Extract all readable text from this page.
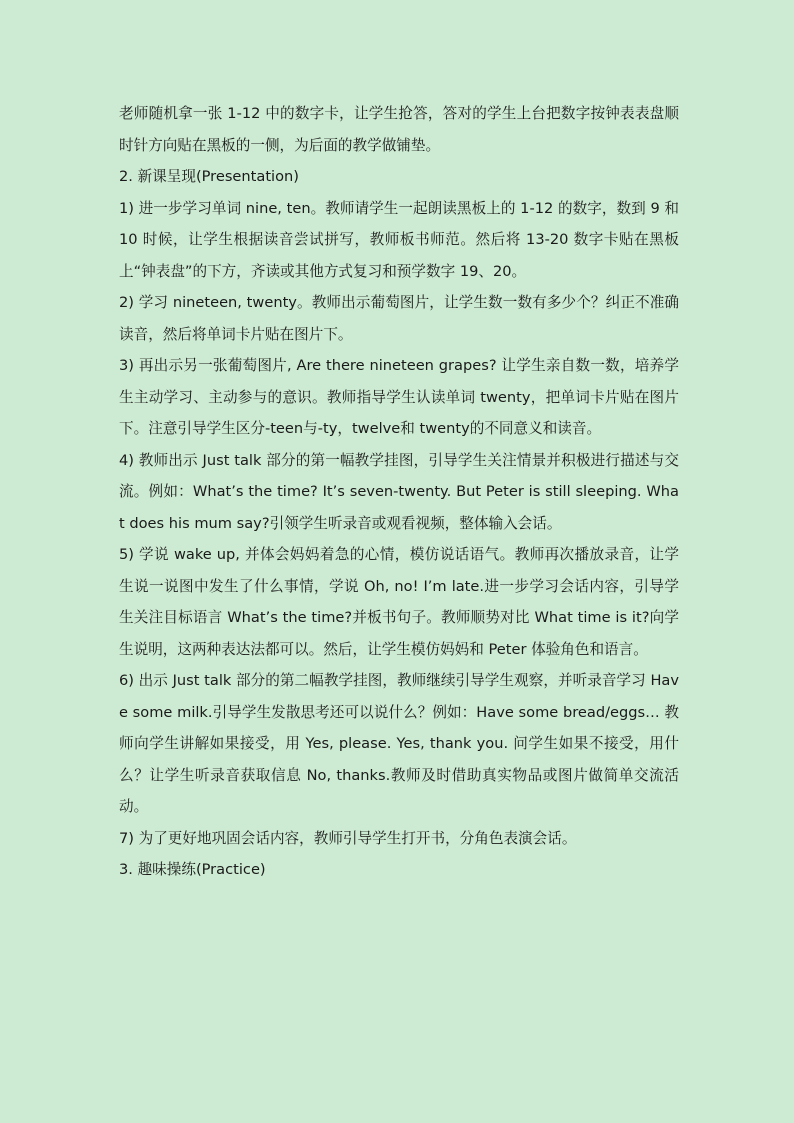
老师随机拿一张 1-12 中的数字卡，让学生抢答，答对的学生上台把数字按钟表表盘顺时针方向贴在黑板的一侧，为后面的教学做铺垫。

2. 新课呈现(Presentation)

1) 进一步学习单词 nine, ten。教师请学生一起朗读黑板上的 1-12 的数字，数到 9 和 10 时候，让学生根据读音尝试拼写，教师板书师范。然后将 13-20 数字卡贴在黑板上“钟表盘”的下方，齐读或其他方式复习和预学数字 19、20。

2) 学习 nineteen, twenty。教师出示葡萄图片，让学生数一数有多少个？纠正不准确读音，然后将单词卡片贴在图片下。

3) 再出示另一张葡萄图片, Are there nineteen grapes? 让学生亲自数一数，培养学生主动学习、主动参与的意识。教师指导学生认读单词 twenty，把单词卡片贴在图片下。注意引导学生区分-teen与-ty，twelve和 twenty的不同意义和读音。

4) 教师出示 Just talk 部分的第一幅教学挂图，引导学生关注情景并积极进行描述与交流。例如：What’s the time? It’s seven-twenty. But Peter is still sleeping. What does his mum say?引领学生听录音或观看视频，整体输入会话。

5) 学说 wake up, 并体会妈妈着急的心情，模仿说话语气。教师再次播放录音，让学生说一说图中发生了什么事情，学说 Oh, no! I’m late.进一步学习会话内容，引导学生关注目标语言 What’s the time?并板书句子。教师顺势对比 What time is it?向学生说明，这两种表达法都可以。然后，让学生模仿妈妈和 Peter 体验角色和语言。

6) 出示 Just talk 部分的第二幅教学挂图，教师继续引导学生观察，并听录音学习 Have some milk.引导学生发散思考还可以说什么？例如：Have some bread/eggs… 教师向学生讲解如果接受，用 Yes, please. Yes, thank you. 问学生如果不接受，用什么？让学生听录音获取信息 No, thanks.教师及时借助真实物品或图片做简单交流活动。

7) 为了更好地巩固会话内容，教师引导学生打开书，分角色表演会话。

3. 趣味操练(Practice)
